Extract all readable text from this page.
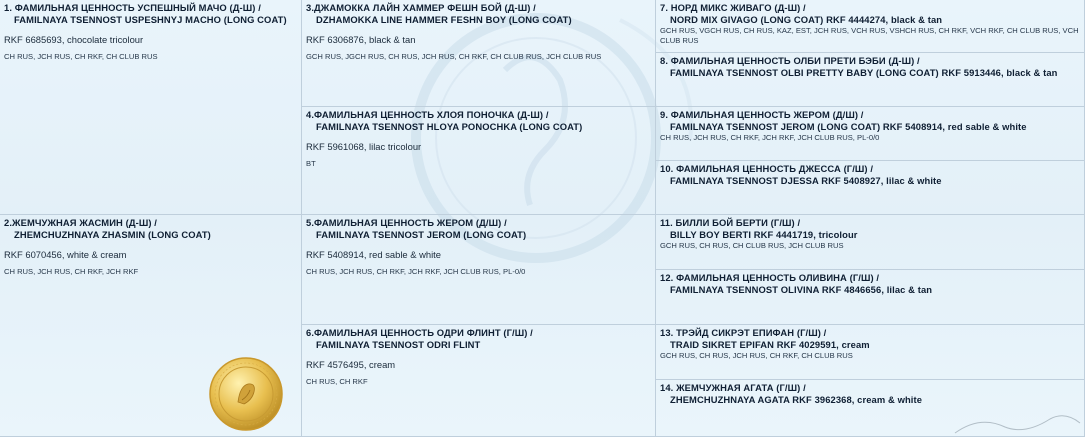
1. ФАМИЛЬНАЯ ЦЕННОСТЬ УСПЕШНЫЙ МАЧО (Д-Ш) /
FAMILNAYA TSENNOST USPESHNYJ MACHO (LONG COAT)
RKF 6685693, chocolate tricolour
CH RUS, JCH RUS, CH RKF, CH CLUB RUS
2.ЖЕМЧУЖНАЯ ЖАСМИН (Д-Ш) /
ZHEMCHUZHNAYA ZHASMIN (LONG COAT)
RKF 6070456, white & cream
CH RUS, JCH RUS, CH RKF, JCH RKF
3.ДЖАМОККА ЛАЙН ХАММЕР ФЕШН БОЙ (Д-Ш) /
DZHAMOKKA LINE HAMMER FESHN BOY (LONG COAT)
RKF 6306876, black & tan
GCH RUS, JGCH RUS, CH RUS, JCH RUS, CH RKF, CH CLUB RUS, JCH CLUB RUS
4.ФАМИЛЬНАЯ ЦЕННОСТЬ ХЛОЯ ПОНОЧКА (Д-Ш) /
FAMILNAYA TSENNOST HLOYA PONOCHKA (LONG COAT)
RKF 5961068, lilac tricolour
BT
5.ФАМИЛЬНАЯ ЦЕННОСТЬ ЖЕРОМ (Д/Ш) /
FAMILNAYA TSENNOST JEROM (LONG COAT)
RKF 5408914, red sable & white
CH RUS, JCH RUS, CH RKF, JCH RKF, JCH CLUB RUS, PL-0/0
6.ФАМИЛЬНАЯ ЦЕННОСТЬ ОДРИ ФЛИНТ (Г/Ш) /
FAMILNAYA TSENNOST ODRI FLINT
RKF 4576495, cream
CH RUS, CH RKF
7. НОРД МИКС ЖИВАГО (Д-Ш) /
NORD MIX GIVAGO (LONG COAT) RKF 4444274, black & tan
GCH RUS, VGCH RUS, CH RUS, KAZ, EST, JCH RUS, VCH RUS, VSHCH RUS, CH RKF, VCH RKF, CH CLUB RUS, VCH CLUB RUS
8. ФАМИЛЬНАЯ ЦЕННОСТЬ ОЛБИ ПРЕТИ БЭБИ (Д-Ш) /
FAMILNAYA TSENNOST OLBI PRETTY BABY (LONG COAT) RKF 5913446, black & tan
9. ФАМИЛЬНАЯ ЦЕННОСТЬ ЖЕРОМ (Д/Ш) /
FAMILNAYA TSENNOST JEROM (LONG COAT) RKF 5408914, red sable & white
CH RUS, JCH RUS, CH RKF, JCH RKF, JCH CLUB RUS, PL-0/0
10. ФАМИЛЬНАЯ ЦЕННОСТЬ ДЖЕССА (Г/Ш) /
FAMILNAYA TSENNOST DJESSA RKF 5408927, lilac & white
11. БИЛЛИ БОЙ БЕРТИ (Г/Ш) /
BILLY BOY BERTI RKF 4441719, tricolour
GCH RUS, CH RUS, CH CLUB RUS, JCH CLUB RUS
12. ФАМИЛЬНАЯ ЦЕННОСТЬ ОЛИВИНА (Г/Ш) /
FAMILNAYA TSENNOST OLIVINA RKF 4846656, lilac & tan
13. ТРЭЙД СИКРЭТ ЕПИФАН (Г/Ш) /
TRAID SIKRET EPIFAN RKF 4029591, cream
GCH RUS, CH RUS, JCH RUS, CH RKF, CH CLUB RUS
14. ЖЕМЧУЖНАЯ АГАТА (Г/Ш) /
ZHEMCHUZHNAYA AGATA RKF 3962368, cream & white
